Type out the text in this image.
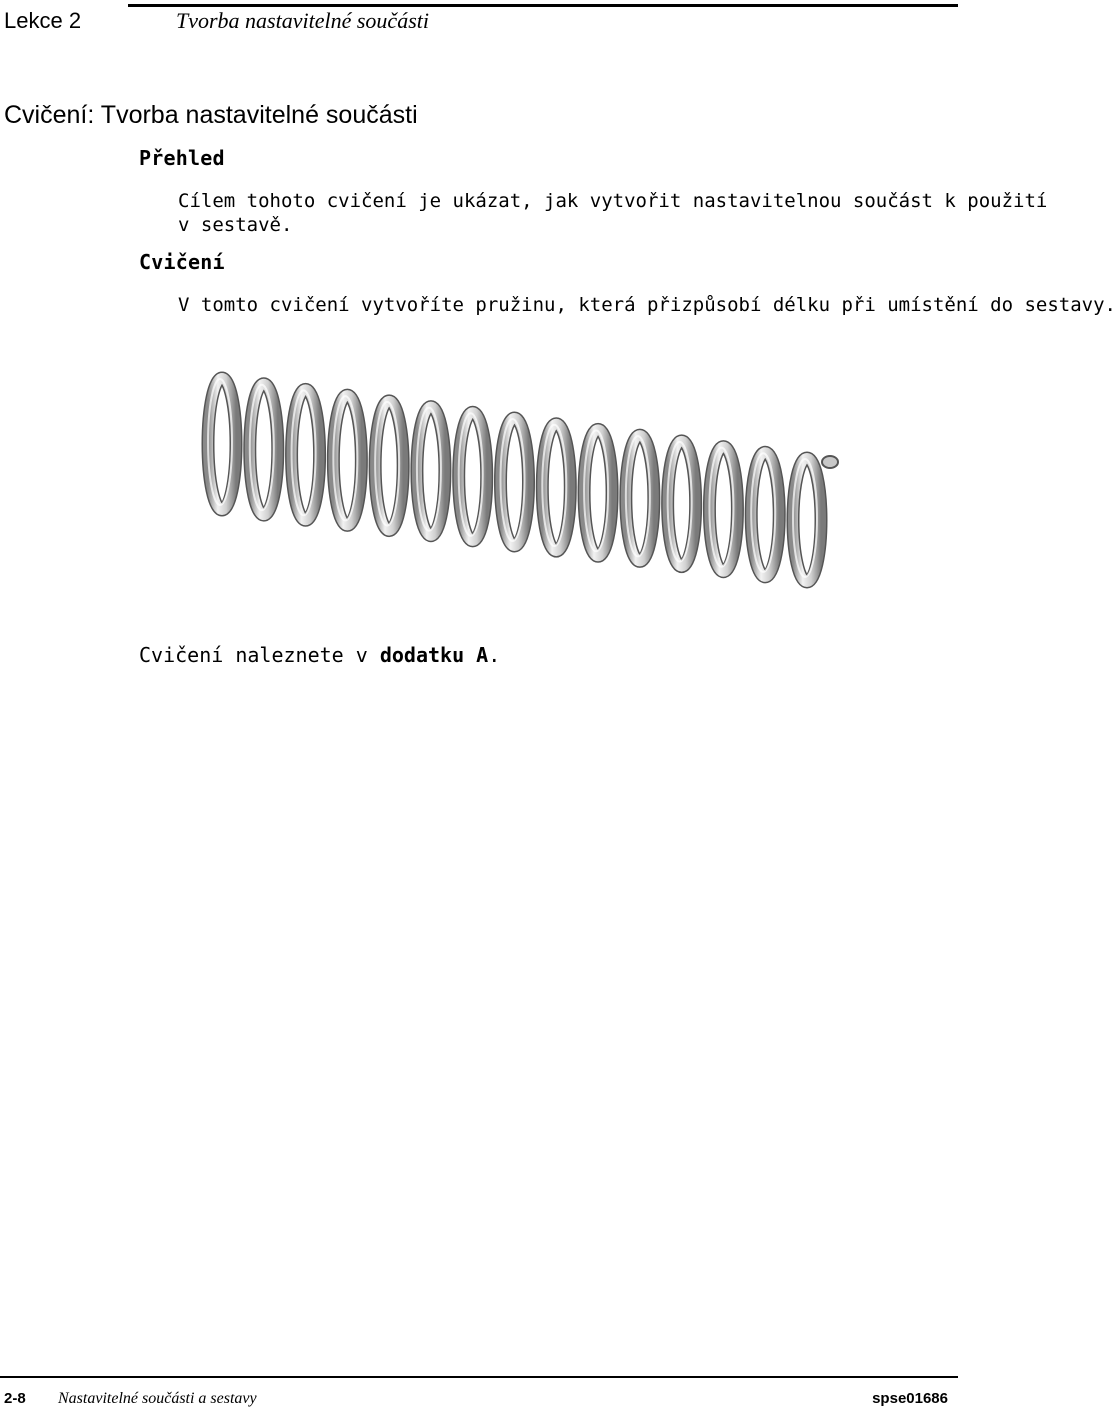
Lekce 2	Tvorba nastavitelné součásti
Cvičení: Tvorba nastavitelné součásti
Přehled
Cílem tohoto cvičení je ukázat, jak vytvořit nastavitelnou součást k použití
v sestavě.
Cvičení
V tomto cvičení vytvoříte pružinu, která přizpůsobí délku při umístění do sestavy.
Cvičení naleznete v dodatku A.
2-8 Nastavitelné součásti a sestavy	spse01686
